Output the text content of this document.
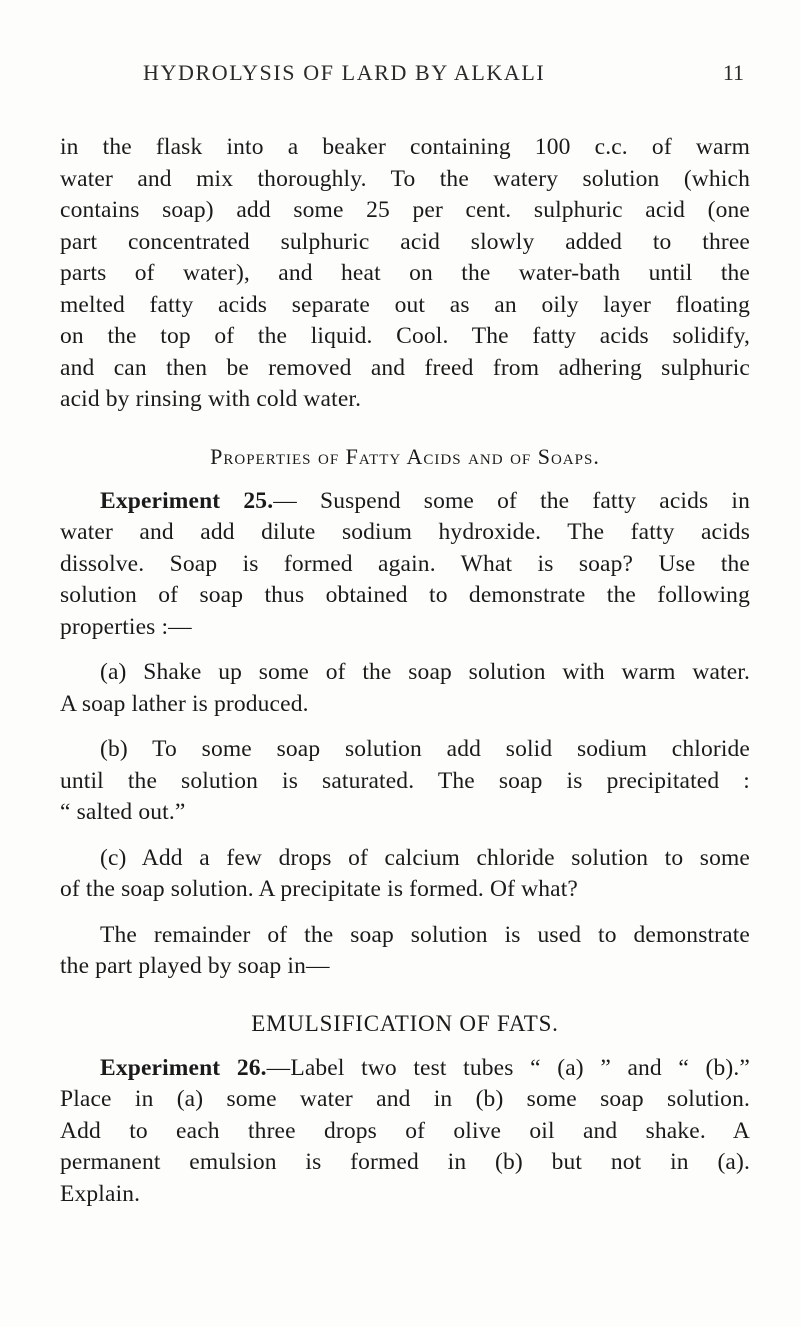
HYDROLYSIS OF LARD BY ALKALI	11
in the flask into a beaker containing 100 c.c. of warm
water and mix thoroughly. To the watery solution (which
contains soap) add some 25 per cent. sulphuric acid (one
part concentrated sulphuric acid slowly added to three
parts of water), and heat on the water-bath until the
melted fatty acids separate out as an oily layer floating
on the top of the liquid. Cool. The fatty acids solidify,
and can then be removed and freed from adhering sulphuric
acid by rinsing with cold water.
Properties of Fatty Acids and of Soaps.
Experiment 25.— Suspend some of the fatty acids in
water and add dilute sodium hydroxide. The fatty acids
dissolve. Soap is formed again. What is soap? Use the
solution of soap thus obtained to demonstrate the following
properties :—
(a) Shake up some of the soap solution with warm water.
A soap lather is produced.
(b) To some soap solution add solid sodium chloride
until the solution is saturated. The soap is precipitated :
“ salted out.”
(c) Add a few drops of calcium chloride solution to some
of the soap solution. A precipitate is formed. Of what?
The remainder of the soap solution is used to demonstrate
the part played by soap in—
EMULSIFICATION OF FATS.
Experiment 26.—Label two test tubes “ (a) ” and “ (b).”
Place in (a) some water and in (b) some soap solution.
Add to each three drops of olive oil and shake. A
permanent emulsion is formed in (b) but not in (a).
Explain.
